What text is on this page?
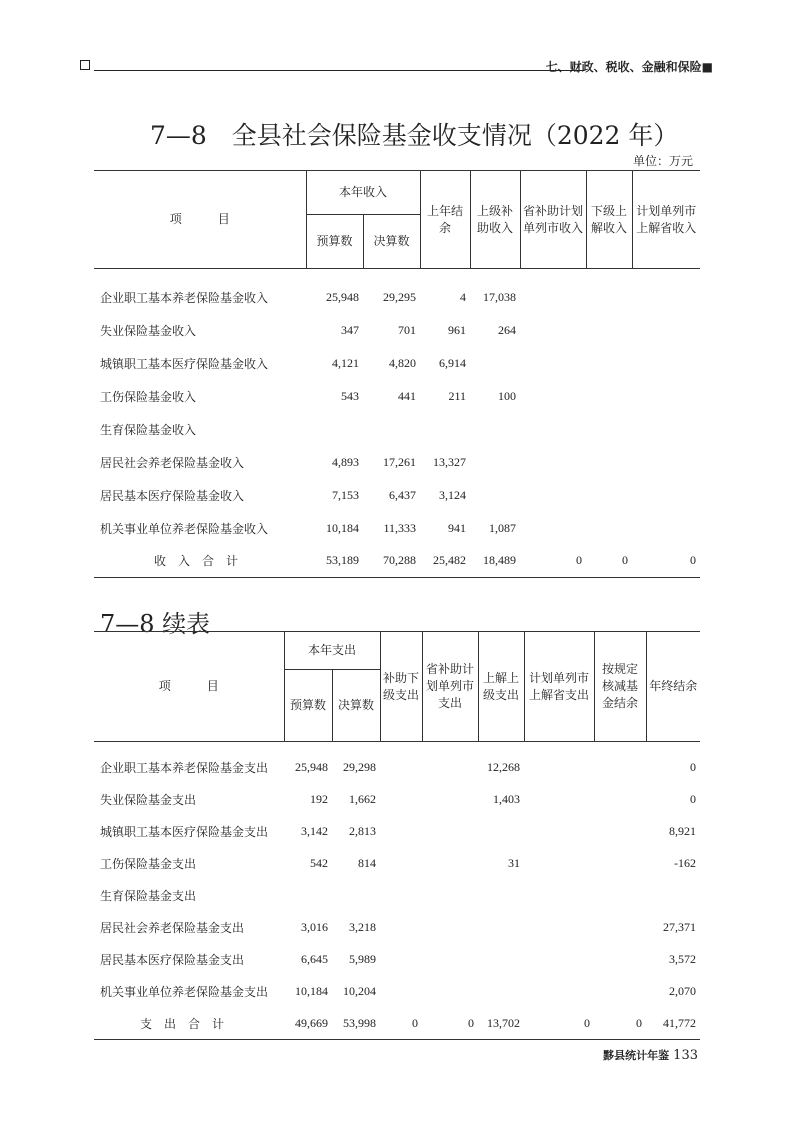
七、财政、税收、金融和保险■
7—8　全县社会保险基金收支情况（2022 年）
单位：万元
项　　　目	本年收入		上年结余	上级补助收入	省补助计划单列市收入	下级上解收入	计划单列市上解省收入
	预算数	决算数					

企业职工基本养老保险基金收入	25,948	29,295	4	17,038			
失业保险基金收入	347	701	961	264			
城镇职工基本医疗保险基金收入	4,121	4,820	6,914				
工伤保险基金收入	543	441	211	100			
生育保险基金收入							
居民社会养老保险基金收入	4,893	17,261	13,327				
居民基本医疗保险基金收入	7,153	6,437	3,124				
机关事业单位养老保险基金收入	10,184	11,333	941	1,087			
收　入　合　计	53,189	70,288	25,482	18,489	0	0	0
7—8 续表
项　　　目	本年支出		补助下级支出	省补助计划单列市支出	上解上级支出	计划单列市上解省支出	按规定核减基金结余	年终结余
	预算数	决算数						

企业职工基本养老保险基金支出	25,948	29,298			12,268			0
失业保险基金支出	192	1,662			1,403			0
城镇职工基本医疗保险基金支出	3,142	2,813						8,921
工伤保险基金支出	542	814			31			-162
生育保险基金支出								
居民社会养老保险基金支出	3,016	3,218						27,371
居民基本医疗保险基金支出	6,645	5,989						3,572
机关事业单位养老保险基金支出	10,184	10,204						2,070
支　出　合　计	49,669	53,998	0	0	13,702	0	0	41,772
黟县统计年鉴 133
